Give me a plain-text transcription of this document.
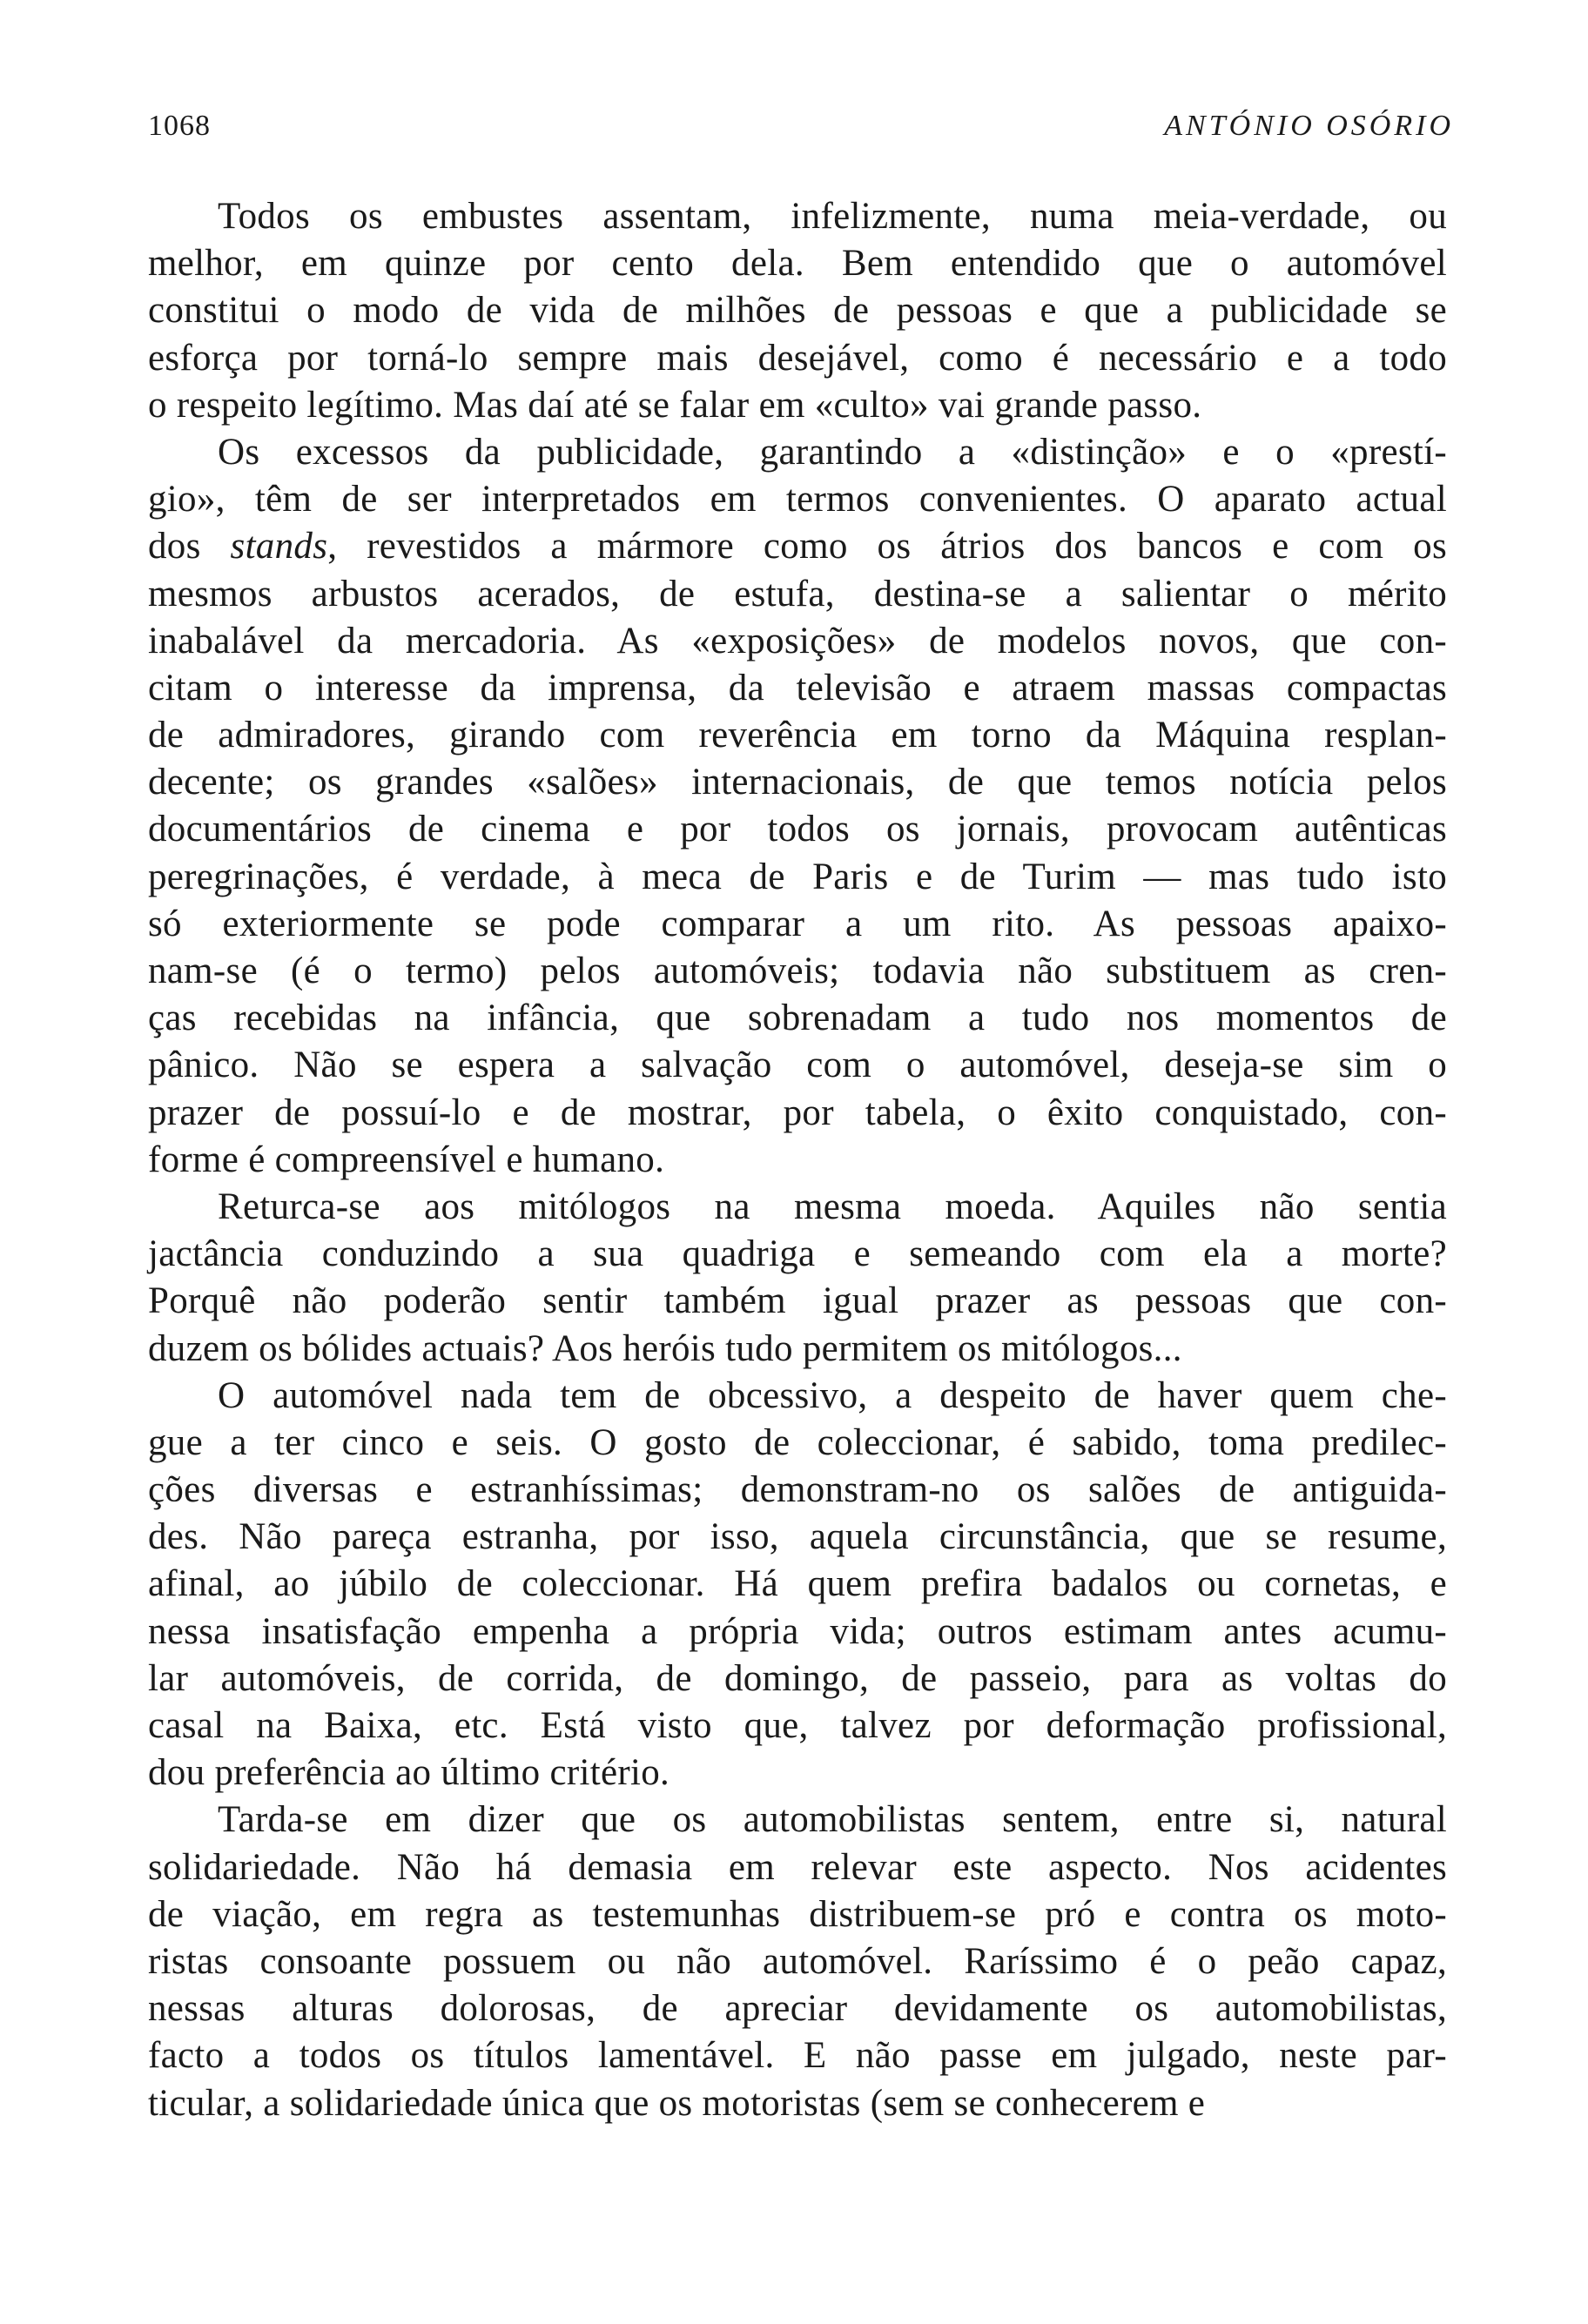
1068	ANTÓNIO OSÓRIO
Todos os embustes assentam, infelizmente, numa meia-verdade, ou
melhor, em quinze por cento dela. Bem entendido que o automóvel
constitui o modo de vida de milhões de pessoas e que a publicidade se
esforça por torná-lo sempre mais desejável, como é necessário e a todo
o respeito legítimo. Mas daí até se falar em «culto» vai grande passo.
Os excessos da publicidade, garantindo a «distinção» e o «prestí-
gio», têm de ser interpretados em termos convenientes. O aparato actual
dos stands, revestidos a mármore como os átrios dos bancos e com os
mesmos arbustos acerados, de estufa, destina-se a salientar o mérito
inabalável da mercadoria. As «exposições» de modelos novos, que con-
citam o interesse da imprensa, da televisão e atraem massas compactas
de admiradores, girando com reverência em torno da Máquina resplan-
decente; os grandes «salões» internacionais, de que temos notícia pelos
documentários de cinema e por todos os jornais, provocam autênticas
peregrinações, é verdade, à meca de Paris e de Turim — mas tudo isto
só exteriormente se pode comparar a um rito. As pessoas apaixo-
nam-se (é o termo) pelos automóveis; todavia não substituem as cren-
ças recebidas na infância, que sobrenadam a tudo nos momentos de
pânico. Não se espera a salvação com o automóvel, deseja-se sim o
prazer de possuí-lo e de mostrar, por tabela, o êxito conquistado, con-
forme é compreensível e humano.
Returca-se aos mitólogos na mesma moeda. Aquiles não sentia
jactância conduzindo a sua quadriga e semeando com ela a morte?
Porquê não poderão sentir também igual prazer as pessoas que con-
duzem os bólides actuais? Aos heróis tudo permitem os mitólogos...
O automóvel nada tem de obcessivo, a despeito de haver quem che-
gue a ter cinco e seis. O gosto de coleccionar, é sabido, toma predilec-
ções diversas e estranhíssimas; demonstram-no os salões de antiguida-
des. Não pareça estranha, por isso, aquela circunstância, que se resume,
afinal, ao júbilo de coleccionar. Há quem prefira badalos ou cornetas, e
nessa insatisfação empenha a própria vida; outros estimam antes acumu-
lar automóveis, de corrida, de domingo, de passeio, para as voltas do
casal na Baixa, etc. Está visto que, talvez por deformação profissional,
dou preferência ao último critério.
Tarda-se em dizer que os automobilistas sentem, entre si, natural
solidariedade. Não há demasia em relevar este aspecto. Nos acidentes
de viação, em regra as testemunhas distribuem-se pró e contra os moto-
ristas consoante possuem ou não automóvel. Raríssimo é o peão capaz,
nessas alturas dolorosas, de apreciar devidamente os automobilistas,
facto a todos os títulos lamentável. E não passe em julgado, neste par-
ticular, a solidariedade única que os motoristas (sem se conhecerem e
